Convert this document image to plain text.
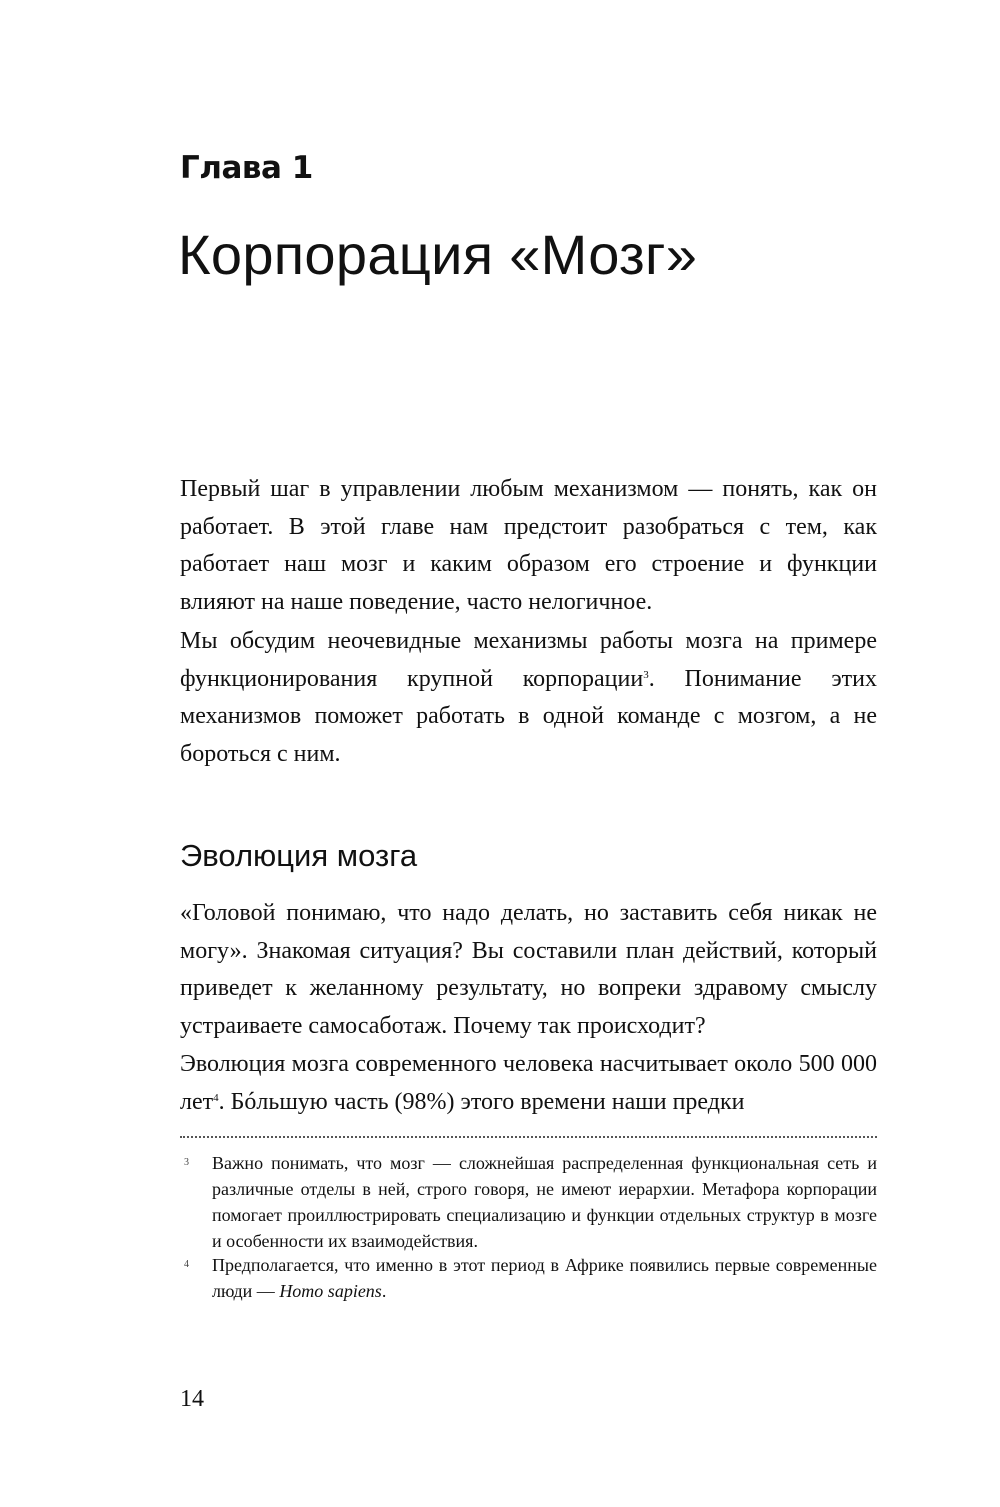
Глава 1
Корпорация «Мозг»

Первый шаг в управлении любым механизмом — понять, как он работает. В этой главе нам предстоит разобраться с тем, как работает наш мозг и каким образом его строение и функции влияют на наше поведение, часто нелогичное.

Мы обсудим неочевидные механизмы работы мозга на примере функционирования крупной корпорации$^3$. Понимание этих механизмов поможет работать в одной команде с мозгом, а не бороться с ним.

Эволюция мозга

«Головой понимаю, что надо делать, но заставить себя никак не могу». Знакомая ситуация? Вы составили план действий, который приведет к желанному результату, но вопреки здравому смыслу устраиваете самосаботаж. Почему так происходит?

Эволюция мозга современного человека насчитывает около 500 000 лет$^4$. Бóльшую часть (98%) этого времени наши предки

3 Важно понимать, что мозг — сложнейшая распределенная функциональная сеть и различные отделы в ней, строго говоря, не имеют иерархии. Метафора корпорации помогает проиллюстрировать специализацию и функции отдельных структур в мозге и особенности их взаимодействия.
4 Предполагается, что именно в этот период в Африке появились первые современные люди — Homo sapiens.

14
